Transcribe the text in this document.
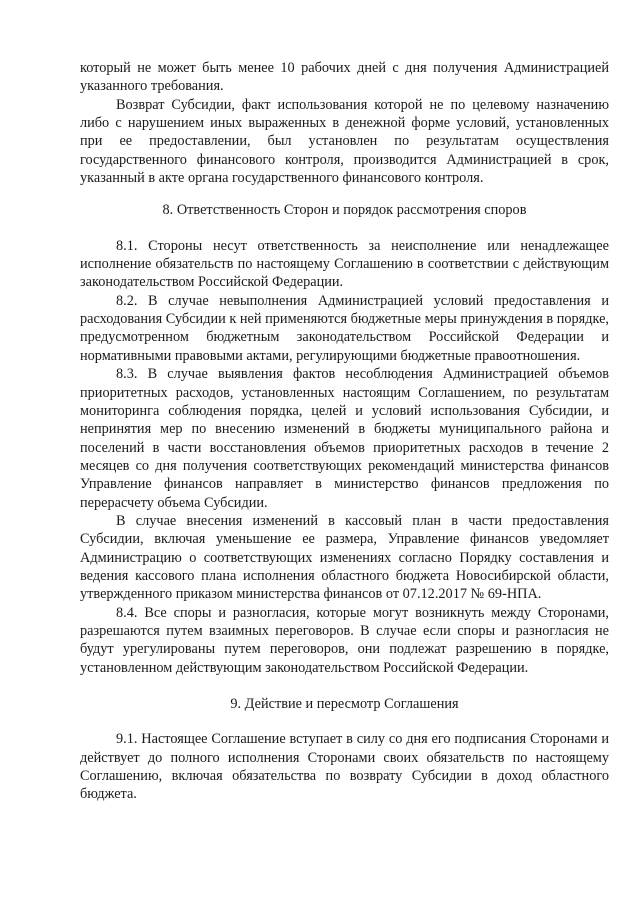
который не может быть менее 10 рабочих дней с дня получения Администрацией указанного требования.

Возврат Субсидии, факт использования которой не по целевому назначению либо с нарушением иных выраженных в денежной форме условий, установленных при ее предоставлении, был установлен по результатам осуществления государственного финансового контроля, производится Администрацией в срок, указанный в акте органа государственного финансового контроля.

8. Ответственность Сторон и порядок рассмотрения споров

8.1. Стороны несут ответственность за неисполнение или ненадлежащее исполнение обязательств по настоящему Соглашению в соответствии с действующим законодательством Российской Федерации.

8.2. В случае невыполнения Администрацией условий предоставления и расходования Субсидии к ней применяются бюджетные меры принуждения в порядке, предусмотренном бюджетным законодательством Российской Федерации и нормативными правовыми актами, регулирующими бюджетные правоотношения.

8.3. В случае выявления фактов несоблюдения Администрацией объемов приоритетных расходов, установленных настоящим Соглашением, по результатам мониторинга соблюдения порядка, целей и условий использования Субсидии, и непринятия мер по внесению изменений в бюджеты муниципального района и поселений в части восстановления объемов приоритетных расходов в течение 2 месяцев со дня получения соответствующих рекомендаций министерства финансов Управление финансов направляет в министерство финансов предложения по перерасчету объема Субсидии.

В случае внесения изменений в кассовый план в части предоставления Субсидии, включая уменьшение ее размера, Управление финансов уведомляет Администрацию о соответствующих изменениях согласно Порядку составления и ведения кассового плана исполнения областного бюджета Новосибирской области, утвержденного приказом министерства финансов от 07.12.2017 № 69-НПА.

8.4. Все споры и разногласия, которые могут возникнуть между Сторонами, разрешаются путем взаимных переговоров. В случае если споры и разногласия не будут урегулированы путем переговоров, они подлежат разрешению в порядке, установленном действующим законодательством Российской Федерации.

9. Действие и пересмотр Соглашения

9.1. Настоящее Соглашение вступает в силу со дня его подписания Сторонами и действует до полного исполнения Сторонами своих обязательств по настоящему Соглашению, включая обязательства по возврату Субсидии в доход областного бюджета.
